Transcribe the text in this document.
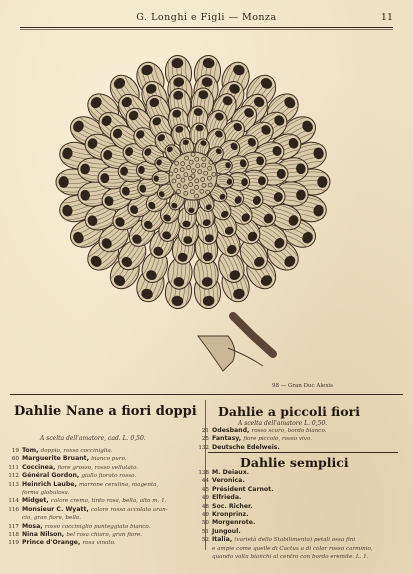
G. Longhi e Figli — Monza	11
98 — Gran Duc Alexis
Dahlie Nane a fiori doppi
A scelta dell'amatore, cad. L. 0,50.
19 Tom, doppio, rosso cocciniglia.
60 Marguerite Bruant, bianco puro.
111 Coccinea, fiore grosso, rosso vellutato.
112 Général Gordon, giallo fiorato rosso.
113 Heinrich Laube, marrone cerulina, magenta,
forma globulosa.
114 Midget, colore crema, tinto rosa, bella, alto m. 1.
116 Monsieur C. Wyatt, colore rosso accolato aran-
cio, gran fiore, bello.
117 Mosa, rosso cocciniglio punteggiato bianco.
118 Nina Nilson, bel rosa chiaro, gran fiore.
119 Prince d'Orange, rosa vinato.
Dahlie a piccoli fiori
A scelta dell'amatore L. 0,50.
21 Odesband, rosso scuro, bordo bianco.
25 Fantasy, fiore piccolo, rosso vivo.
132 Deutsche Edelweis.
Dahlie semplici
138 M. Deiaux.
44 Veronica.
45 Président Carnot.
49 Elfrieda.
48 Soc. Richer.
49 Kronprinz.
50 Morgenrote.
51 Jungoul.
52 Italia, (varietà dello Stabilimento) petali ossa fini
e ampie come quelle di Cactus a di color rosso carminio,
quando volta bianchi al centro con bordo eremite. L. 1.
